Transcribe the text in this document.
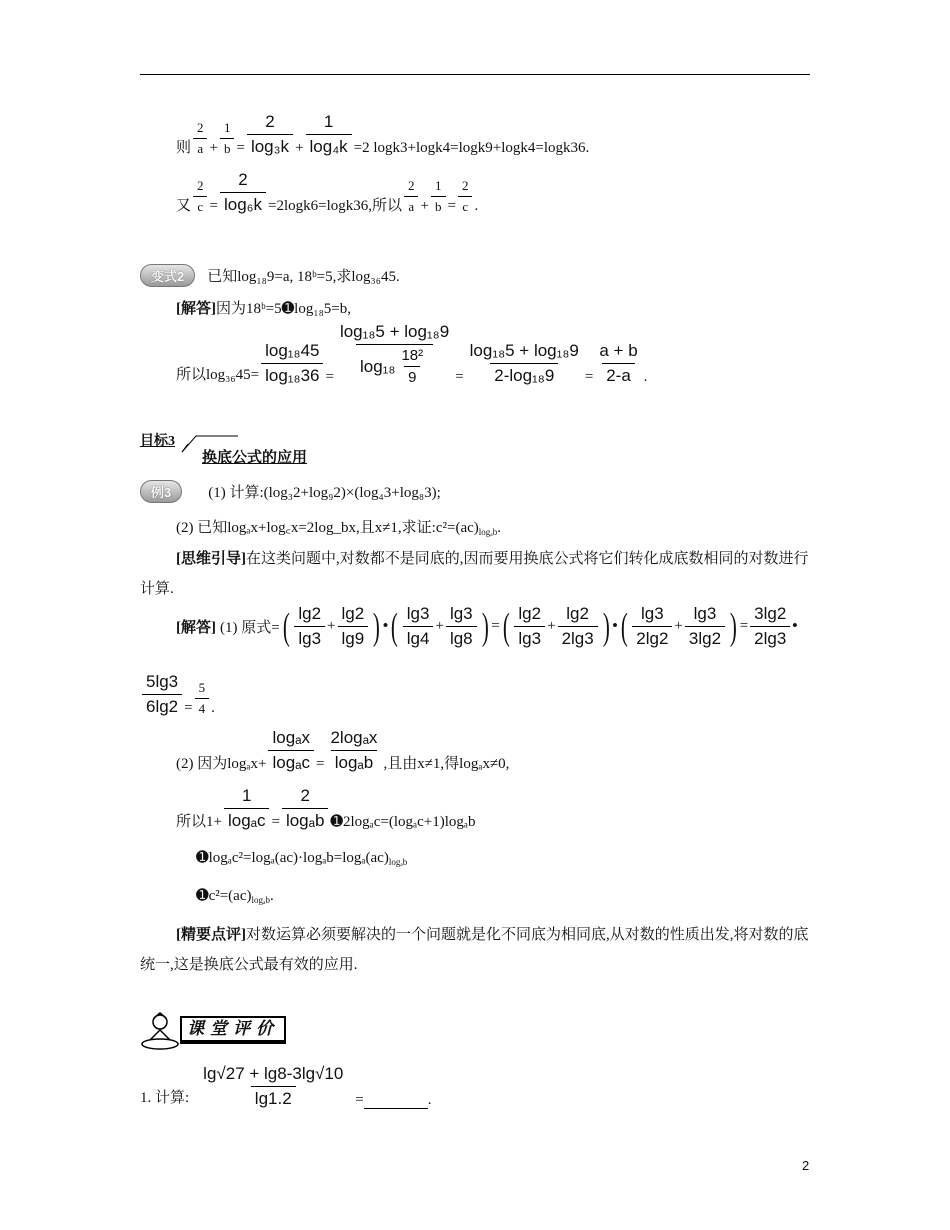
则 $\frac{2}{a} + \frac{1}{b} = \frac{2}{\text{log₃k}} + \frac{1}{\text{log₄k}} =2$ logk3+logk4=logk9+logk4=logk36.
又 $\frac{2}{c} = \frac{2}{\text{log₆k}} =2\log k6=\log k36$,所以 $\frac{2}{a} + \frac{1}{b} = \frac{2}{c}$ .
变式2	已知log₁₈9=a, 18ᵇ=5,求log₃₆45.
[解答] 因为18ᵇ=5➊log₁₈5=b,
所以$\log_{36}45= \frac{\text{log₁₈45}}{\text{log₁₈36}} = \frac{\text{log₁₈5 + log₁₈9}}{\log_{18} \frac{\text{18²}}{9}} = \frac{\text{log₁₈5 + log₁₈9}}{\text{2-log₁₈9}} = \frac{a + b}{2-a}$ .
目标3
换底公式的应用
例3	(1) 计算:(log₃2+log₉2)×(log₄3+log₈3);
(2) 已知logₐx+log꜀x=2log_bx,且x≠1,求证:c²=(ac) logₐb .
[思维引导]在这类问题中,对数都不是同底的,因而要用换底公式将它们转化成底数相同的对数进行计算.
[解答] (1) 原式= ( $\frac{\lg 2}{\lg 3} + \frac{\lg 2}{\lg 9}$ ) • ( $\frac{\lg 3}{\lg 4} + \frac{\lg 3}{\lg 8}$ ) = ( $\frac{\lg 2}{\lg 3} + \frac{\lg 2}{2\lg 3}$ ) • ( $\frac{\lg 3}{2\lg 2} + \frac{\lg 3}{3\lg 2}$ ) = $\frac{3\lg 2}{2\lg 3}$ •
$\frac{5\lg 3}{6\lg 2} = \frac{5}{4}$ .
(2) 因为$\log_ax+ \frac{\text{logₐx}}{\text{logₐc}} = \frac{\text{2logₐx}}{\text{logₐb}}$ ,且由x≠1,得logₐx≠0,
所以$1+ \frac{1}{\text{logₐc}} = \frac{2}{\text{logₐb}}$ ➊2logₐc=(logₐc+1)logₐb
➊logₐc²=logₐ(ac)·logₐb=logₐ(ac) logₐb
➊c²=(ac) logₐb .
[精要点评]对数运算必须要解决的一个问题就是化不同底为相同底,从对数的性质出发,将对数的底统一,这是换底公式最有效的应用.
课堂评价
1. 计算: $\frac{\lg√27 + \lg 8-3\lg√10}{\lg 1.2}$ =	.
2
